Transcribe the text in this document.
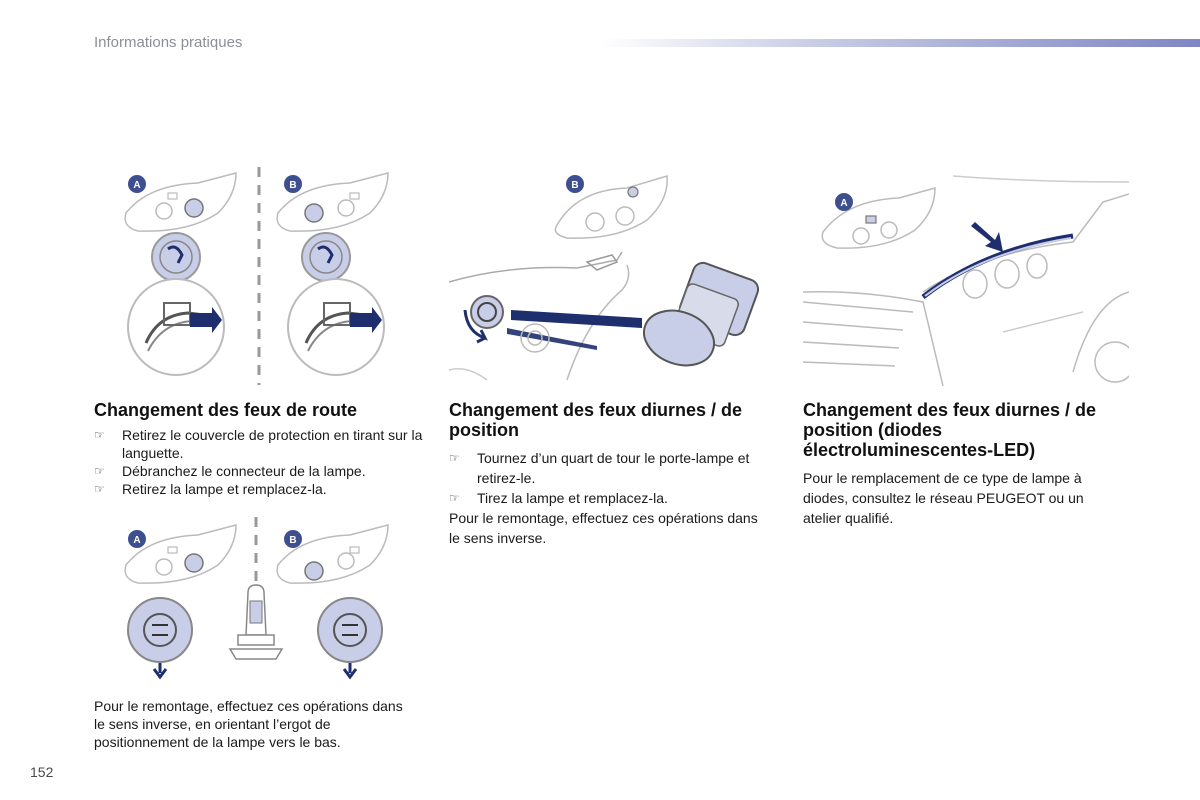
Informations pratiques
A	B	B
A
Changement des feux de route
☞ Retirez le couvercle de protection en tirant sur la languette.
☞ Débranchez le connecteur de la lampe.
☞ Retirez la lampe et remplacez-la.
A	B

Pour le remontage, effectuez ces opérations dans le sens inverse, en orientant l’ergot de positionnement de la lampe vers le bas.

Changement des feux diurnes / de position
☞ Tournez d’un quart de tour le porte-lampe et retirez-le.
☞ Tirez la lampe et remplacez-la.

Pour le remontage, effectuez ces opérations dans le sens inverse.

Changement des feux diurnes / de position (diodes électroluminescentes-LED)

Pour le remplacement de ce type de lampe à diodes, consultez le réseau PEUGEOT ou un atelier qualifié.

152
